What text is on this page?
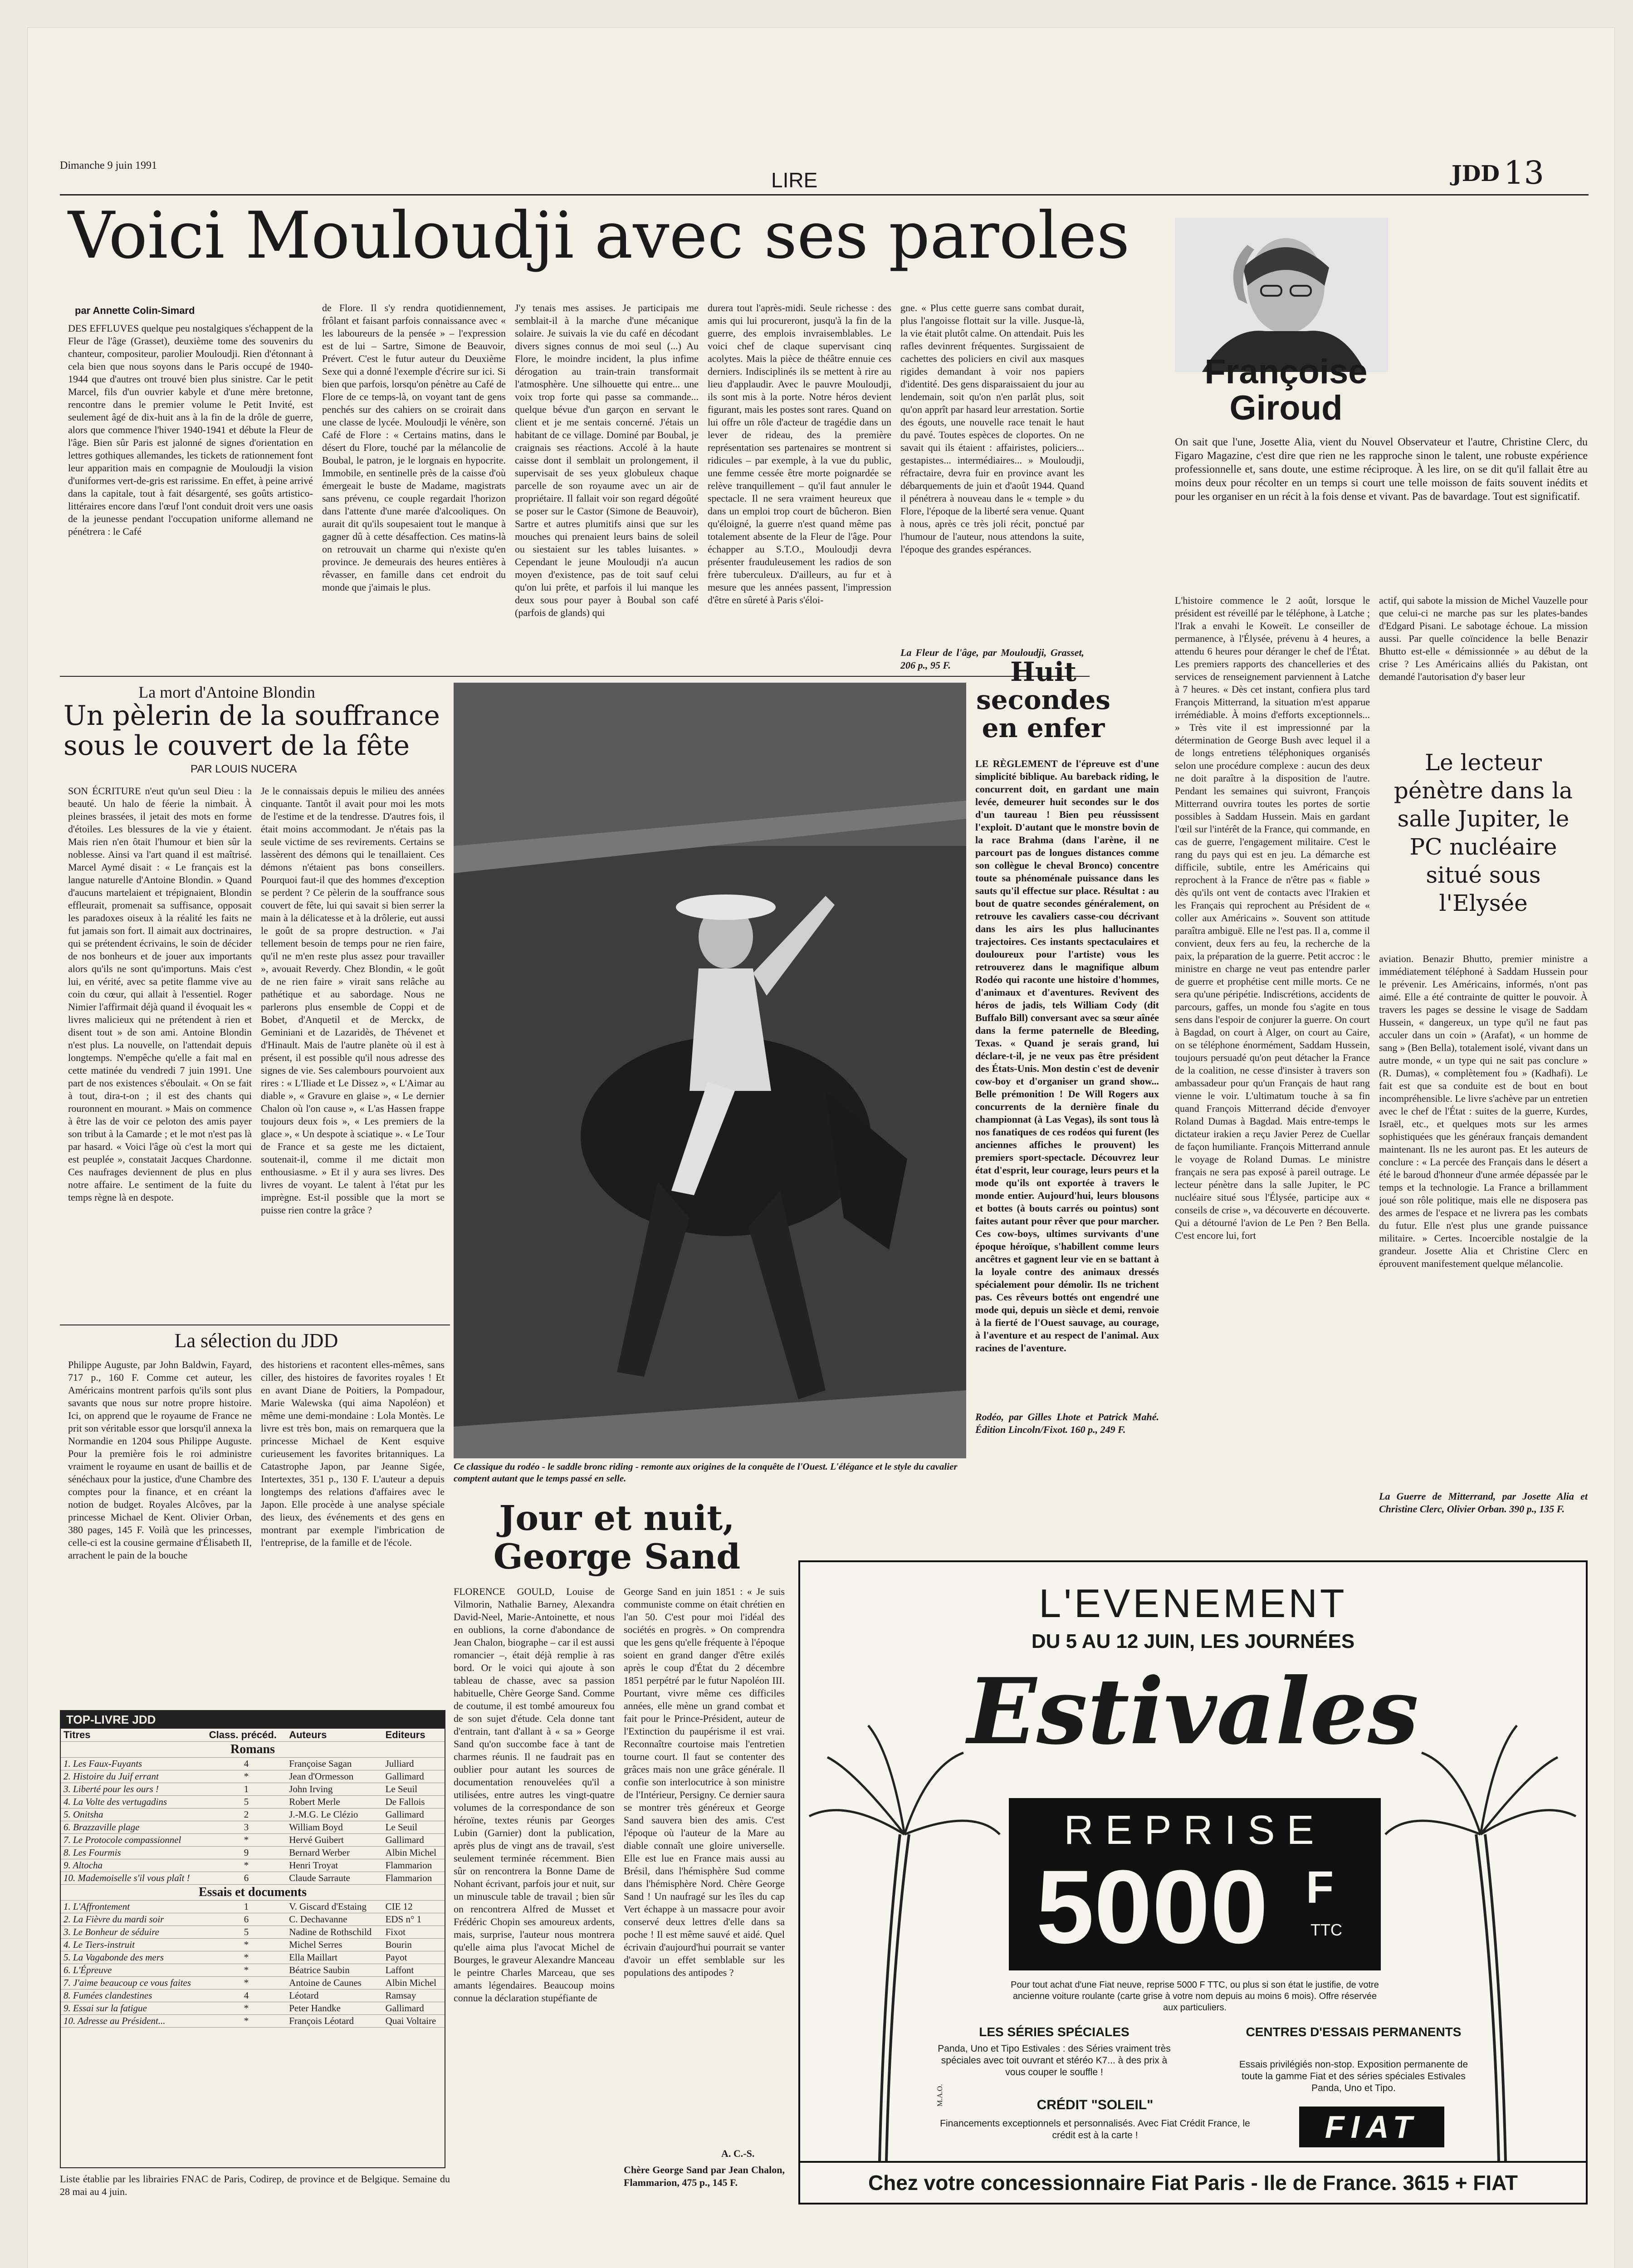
Dimanche 9 juin 1991
LIRE	JDD 13
Voici Mouloudji avec ses paroles
par Annette Colin-Simard
DES EFFLUVES quelque peu nostalgiques s'échappent de la Fleur de l'âge (Grasset), deuxième tome des souvenirs du chanteur, compositeur, parolier Mouloudji. Rien d'étonnant à cela bien que nous soyons dans le Paris occupé de 1940-1944 que d'autres ont trouvé bien plus sinistre. Car le petit Marcel, fils d'un ouvrier kabyle et d'une mère bretonne, rencontre dans le premier volume le Petit Invité, est seulement âgé de dix-huit ans à la fin de la drôle de guerre, alors que commence l'hiver 1940-1941 et débute la Fleur de l'âge. Bien sûr Paris est jalonné de signes d'orientation en lettres gothiques allemandes, les tickets de rationnement font leur apparition mais en compagnie de Mouloudji la vision d'uniformes vert-de-gris est rarissime. En effet, à peine arrivé dans la capitale, tout à fait désargenté, ses goûts artistico-littéraires encore dans l'œuf l'ont conduit droit vers une oasis de la jeunesse pendant l'occupation uniforme allemand ne pénétrera : le Café
de Flore. Il s'y rendra quotidiennement, frôlant et faisant parfois connaissance avec « les laboureurs de la pensée » – l'expression est de lui – Sartre, Simone de Beauvoir, Prévert. C'est le futur auteur du Deuxième Sexe qui a donné l'exemple d'écrire sur ici. Si bien que parfois, lorsqu'on pénètre au Café de Flore de ce temps-là, on voyant tant de gens penchés sur des cahiers on se croirait dans une classe de lycée. Mouloudji le vénère, son Café de Flore : « Certains matins, dans le désert du Flore, touché par la mélancolie de Boubal, le patron, je le lorgnais en hypocrite. Immobile, en sentinelle près de la caisse d'où émergeait le buste de Madame, magistrats sans prévenu, ce couple regardait l'horizon dans l'attente d'une marée d'alcooliques. On aurait dit qu'ils soupesaient tout le manque à gagner dû à cette désaffection. Ces matins-là on retrouvait un charme qui n'existe qu'en province. Je demeurais des heures entières à rêvasser, en famille dans cet endroit du monde que j'aimais le plus.
J'y tenais mes assises. Je participais me semblait-il à la marche d'une mécanique solaire. Je suivais la vie du café en décodant divers signes connus de moi seul (...) Au Flore, le moindre incident, la plus infime dérogation au train-train transformait l'atmosphère. Une silhouette qui entre... une voix trop forte qui passe sa commande... quelque bévue d'un garçon en servant le client et je me sentais concerné. J'étais un habitant de ce village. Dominé par Boubal, je craignais ses réactions. Accolé à la haute caisse dont il semblait un prolongement, il supervisait de ses yeux globuleux chaque parcelle de son royaume avec un air de propriétaire. Il fallait voir son regard dégoûté se poser sur le Castor (Simone de Beauvoir), Sartre et autres plumitifs ainsi que sur les mouches qui prenaient leurs bains de soleil ou siestaient sur les tables luisantes. » Cependant le jeune Mouloudji n'a aucun moyen d'existence, pas de toit sauf celui qu'on lui prête, et parfois il lui manque les deux sous pour payer à Boubal son café (parfois de glands) qui
durera tout l'après-midi. Seule richesse : des amis qui lui procureront, jusqu'à la fin de la guerre, des emplois invraisemblables. Le voici chef de claque supervisant cinq acolytes. Mais la pièce de théâtre ennuie ces derniers. Indisciplinés ils se mettent à rire au lieu d'applaudir. Avec le pauvre Mouloudji, ils sont mis à la porte. Notre héros devient figurant, mais les postes sont rares. Quand on lui offre un rôle d'acteur de tragédie dans un lever de rideau, des la première représentation ses partenaires se montrent si ridicules – par exemple, à la vue du public, une femme cessée être morte poignardée se relève tranquillement – qu'il faut annuler le spectacle. Il ne sera vraiment heureux que dans un emploi trop court de bûcheron. Bien qu'éloigné, la guerre n'est quand même pas totalement absente de la Fleur de l'âge. Pour échapper au S.T.O., Mouloudji devra présenter frauduleusement les radios de son frère tuberculeux. D'ailleurs, au fur et à mesure que les années passent, l'impression d'être en sûreté à Paris s'éloi-
gne. « Plus cette guerre sans combat durait, plus l'angoisse flottait sur la ville. Jusque-là, la vie était plutôt calme. On attendait. Puis les rafles devinrent fréquentes. Surgissaient de cachettes des policiers en civil aux masques rigides demandant à voir nos papiers d'identité. Des gens disparaissaient du jour au lendemain, soit qu'on n'en parlât plus, soit qu'on apprît par hasard leur arrestation. Sortie des égouts, une nouvelle race tenait le haut du pavé. Toutes espèces de cloportes. On ne savait qui ils étaient : affairistes, policiers... gestapistes... intermédiaires... » Mouloudji, réfractaire, devra fuir en province avant les débarquements de juin et d'août 1944. Quand il pénétrera à nouveau dans le « temple » du Flore, l'époque de la liberté sera venue. Quant à nous, après ce très joli récit, ponctué par l'humour de l'auteur, nous attendons la suite, l'époque des grandes espérances.
La Fleur de l'âge, par Mouloudji, Grasset, 206 p., 95 F.
La mort d'Antoine Blondin
Un pèlerin de la souffrance
sous le couvert de la fête
PAR LOUIS NUCERA
SON ÉCRITURE n'eut qu'un seul Dieu : la beauté. Un halo de féerie la nimbait. À pleines brassées, il jetait des mots en forme d'étoiles. Les blessures de la vie y étaient. Mais rien n'en ôtait l'humour et bien sûr la noblesse. Ainsi va l'art quand il est maîtrisé. Marcel Aymé disait : « Le français est la langue naturelle d'Antoine Blondin. » Quand d'aucuns martelaient et trépignaient, Blondin effleurait, promenait sa suffisance, opposait les paradoxes oiseux à la réalité les faits ne fut jamais son fort. Il aimait aux doctrinaires, qui se prétendent écrivains, le soin de décider de nos bonheurs et de jouer aux importants alors qu'ils ne sont qu'importuns. Mais c'est lui, en vérité, avec sa petite flamme vive au coin du cœur, qui allait à l'essentiel. Roger Nimier l'affirmait déjà quand il évoquait les « livres malicieux qui ne prétendent à rien et disent tout » de son ami. Antoine Blondin n'est plus. La nouvelle, on l'attendait depuis longtemps. N'empêche qu'elle a fait mal en cette matinée du vendredi 7 juin 1991. Une part de nos existences s'éboulait. « On se fait à tout, dira-t-on ; il est des chants qui rouronnent en mourant. » Mais on commence à être las de voir ce peloton des amis payer son tribut à la Camarde ; et le mot n'est pas là par hasard. « Voici l'âge où c'est la mort qui est peuplée », constatait Jacques Chardonne. Ces naufrages deviennent de plus en plus notre affaire. Le sentiment de la fuite du temps règne là en despote.
Je le connaissais depuis le milieu des années cinquante. Tantôt il avait pour moi les mots de l'estime et de la tendresse. D'autres fois, il était moins accommodant. Je n'étais pas la seule victime de ses revirements. Certains se lassèrent des démons qui le tenaillaient. Ces démons n'étaient pas bons conseillers. Pourquoi faut-il que des hommes d'exception se perdent ? Ce pèlerin de la souffrance sous couvert de fête, lui qui savait si bien serrer la main à la délicatesse et à la drôlerie, eut aussi le goût de sa propre destruction. « J'ai tellement besoin de temps pour ne rien faire, qu'il ne m'en reste plus assez pour travailler », avouait Reverdy. Chez Blondin, « le goût de ne rien faire » virait sans relâche au pathétique et au sabordage. Nous ne parlerons plus ensemble de Coppi et de Bobet, d'Anquetil et de Merckx, de Geminiani et de Lazaridès, de Thévenet et d'Hinault. Mais de l'autre planète où il est à présent, il est possible qu'il nous adresse des signes de vie. Ses calembours pourvoient aux rires : « L'Iliade et Le Dissez », « L'Aimar au diable », « Gravure en glaise », « Le dernier Chalon où l'on cause », « L'as Hassen frappe toujours deux fois », « Les premiers de la glace », « Un despote à sciatique ». « Le Tour de France et sa geste me les dictaient, soutenait-il, comme il me dictait mon enthousiasme. » Et il y aura ses livres. Des livres de voyant. Le talent à l'état pur les imprègne. Est-il possible que la mort se puisse rien contre la grâce ?
La sélection du JDD
Philippe Auguste, par John Baldwin, Fayard, 717 p., 160 F. Comme cet auteur, les Américains montrent parfois qu'ils sont plus savants que nous sur notre propre histoire. Ici, on apprend que le royaume de France ne prit son véritable essor que lorsqu'il annexa la Normandie en 1204 sous Philippe Auguste. Pour la première fois le roi administre vraiment le royaume en usant de baillis et de sénéchaux pour la justice, d'une Chambre des comptes pour la finance, et en créant la notion de budget. Royales Alcôves, par la princesse Michael de Kent. Olivier Orban, 380 pages, 145 F. Voilà que les princesses, celle-ci est la cousine germaine d'Élisabeth II, arrachent le pain de la bouche
des historiens et racontent elles-mêmes, sans ciller, des histoires de favorites royales ! Et en avant Diane de Poitiers, la Pompadour, Marie Walewska (qui aima Napoléon) et même une demi-mondaine : Lola Montès. Le livre est très bon, mais on remarquera que la princesse Michael de Kent esquive curieusement les favorites britanniques. La Catastrophe Japon, par Jeanne Sigée, Intertextes, 351 p., 130 F. L'auteur a depuis longtemps des relations d'affaires avec le Japon. Elle procède à une analyse spéciale des lieux, des événements et des gens en montrant par exemple l'imbrication de l'entreprise, de la famille et de l'école.
TOP-LIVRE JDD
Titres	Class. précéd.	Auteurs	Editeurs
Romans			
1. Les Faux-Fuyants	4	Françoise Sagan	Julliard
2. Histoire du Juif errant	*	Jean d'Ormesson	Gallimard
3. Liberté pour les ours !	1	John Irving	Le Seuil
4. La Volte des vertugadins	5	Robert Merle	De Fallois
5. Onitsha	2	J.-M.G. Le Clézio	Gallimard
6. Brazzaville plage	3	William Boyd	Le Seuil
7. Le Protocole compassionnel	*	Hervé Guibert	Gallimard
8. Les Fourmis	9	Bernard Werber	Albin Michel
9. Altocha	*	Henri Troyat	Flammarion
10. Mademoiselle s'il vous plaît !	6	Claude Sarraute	Flammarion
Essais et documents			
1. L'Affrontement	1	V. Giscard d'Estaing	CIE 12
2. La Fièvre du mardi soir	6	C. Dechavanne	EDS n° 1
3. Le Bonheur de séduire	5	Nadine de Rothschild	Fixot
4. Le Tiers-instruit	*	Michel Serres	Bourin
5. La Vagabonde des mers	*	Ella Maillart	Payot
6. L'Épreuve	*	Béatrice Saubin	Laffont
7. J'aime beaucoup ce vous faites	*	Antoine de Caunes	Albin Michel
8. Fumées clandestines	4	Léotard	Ramsay
9. Essai sur la fatigue	*	Peter Handke	Gallimard
10. Adresse au Président...	*	François Léotard	Quai Voltaire
Liste établie par les librairies FNAC de Paris, Codirep, de province et de Belgique. Semaine du 28 mai au 4 juin.
Ce classique du rodéo - le saddle bronc riding - remonte aux origines de la conquête de l'Ouest. L'élégance et le style du cavalier comptent autant que le temps passé en selle.
Huit
secondes
en enfer
LE RÈGLEMENT de l'épreuve est d'une simplicité biblique. Au bareback riding, le concurrent doit, en gardant une main levée, demeurer huit secondes sur le dos d'un taureau ! Bien peu réussissent l'exploit. D'autant que le monstre bovin de la race Brahma (dans l'arène, il ne parcourt pas de longues distances comme son collègue le cheval Bronco) concentre toute sa phénoménale puissance dans les sauts qu'il effectue sur place. Résultat : au bout de quatre secondes généralement, on retrouve les cavaliers casse-cou décrivant dans les airs les plus hallucinantes trajectoires. Ces instants spectaculaires et douloureux pour l'artiste) vous les retrouverez dans le magnifique album Rodéo qui raconte une histoire d'hommes, d'animaux et d'aventures. Revivent des héros de jadis, tels William Cody (dit Buffalo Bill) conversant avec sa sœur aînée dans la ferme paternelle de Bleeding, Texas. « Quand je serais grand, lui déclare-t-il, je ne veux pas être président des États-Unis. Mon destin c'est de devenir cow-boy et d'organiser un grand show... Belle prémonition ! De Will Rogers aux concurrents de la dernière finale du championnat (à Las Vegas), ils sont tous là nos fanatiques de ces rodéos qui furent (les anciennes affiches le prouvent) les premiers sport-spectacle. Découvrez leur état d'esprit, leur courage, leurs peurs et la mode qu'ils ont exportée à travers le monde entier. Aujourd'hui, leurs blousons et bottes (à bouts carrés ou pointus) sont faites autant pour rêver que pour marcher. Ces cow-boys, ultimes survivants d'une époque héroïque, s'habillent comme leurs ancêtres et gagnent leur vie en se battant à la loyale contre des animaux dressés spécialement pour démolir. Ils ne trichent pas. Ces rêveurs bottés ont engendré une mode qui, depuis un siècle et demi, renvoie à la fierté de l'Ouest sauvage, au courage, à l'aventure et au respect de l'animal. Aux racines de l'aventure.
Rodéo, par Gilles Lhote et Patrick Mahé. Édition Lincoln/Fixot. 160 p., 249 F.
Jour et nuit,
George Sand
FLORENCE GOULD, Louise de Vilmorin, Nathalie Barney, Alexandra David-Neel, Marie-Antoinette, et nous en oublions, la corne d'abondance de Jean Chalon, biographe – car il est aussi romancier –, était déjà remplie à ras bord. Or le voici qui ajoute à son tableau de chasse, avec sa passion habituelle, Chère George Sand. Comme de coutume, il est tombé amoureux fou de son sujet d'étude. Cela donne tant d'entrain, tant d'allant à « sa » George Sand qu'on succombe face à tant de charmes réunis. Il ne faudrait pas en oublier pour autant les sources de documentation renouvelées qu'il a utilisées, entre autres les vingt-quatre volumes de la correspondance de son héroïne, textes réunis par Georges Lubin (Garnier) dont la publication, après plus de vingt ans de travail, s'est seulement terminée récemment. Bien sûr on rencontrera la Bonne Dame de Nohant écrivant, parfois jour et nuit, sur un minuscule table de travail ; bien sûr on rencontrera Alfred de Musset et Frédéric Chopin ses amoureux ardents, mais, surprise, l'auteur nous montrera qu'elle aima plus l'avocat Michel de Bourges, le graveur Alexandre Manceau le peintre Charles Marceau, que ses amants légendaires. Beaucoup moins connue la déclaration stupéfiante de
George Sand en juin 1851 : « Je suis communiste comme on était chrétien en l'an 50. C'est pour moi l'idéal des sociétés en progrès. » On comprendra que les gens qu'elle fréquente à l'époque soient en grand danger d'être exilés après le coup d'État du 2 décembre 1851 perpétré par le futur Napoléon III. Pourtant, vivre même ces difficiles années, elle mène un grand combat et fait pour le Prince-Président, auteur de l'Extinction du paupérisme il est vrai. Reconnaître courtoise mais l'entretien tourne court. Il faut se contenter des grâces mais non une grâce générale. Il confie son interlocutrice à son ministre de l'Intérieur, Persigny. Ce dernier saura se montrer très généreux et George Sand sauvera bien des amis. C'est l'époque où l'auteur de la Mare au diable connaît une gloire universelle. Elle est lue en France mais aussi au Brésil, dans l'hémisphère Sud comme dans l'hémisphère Nord. Chère George Sand ! Un naufragé sur les îles du cap Vert échappe à un massacre pour avoir conservé deux lettres d'elle dans sa poche ! Il est même sauvé et aidé. Quel écrivain d'aujourd'hui pourrait se vanter d'avoir un effet semblable sur les populations des antipodes ?
A. C.-S.
Chère George Sand par Jean Chalon, Flammarion, 475 p., 145 F.
Françoise
Giroud
On sait que l'une, Josette Alia, vient du Nouvel Observateur et l'autre, Christine Clerc, du Figaro Magazine, c'est dire que rien ne les rapproche sinon le talent, une robuste expérience professionnelle et, sans doute, une estime réciproque. À les lire, on se dit qu'il fallait être au moins deux pour récolter en un temps si court une telle moisson de faits souvent inédits et pour les organiser en un récit à la fois dense et vivant. Pas de bavardage. Tout est significatif.
L'histoire commence le 2 août, lorsque le président est réveillé par le téléphone, à Latche ; l'Irak a envahi le Koweït. Le conseiller de permanence, à l'Élysée, prévenu à 4 heures, a attendu 6 heures pour déranger le chef de l'État. Les premiers rapports des chancelleries et des services de renseignement parviennent à Latche à 7 heures. « Dès cet instant, confiera plus tard François Mitterrand, la situation m'est apparue irrémédiable. À moins d'efforts exceptionnels... » Très vite il est impressionné par la détermination de George Bush avec lequel il a de longs entretiens téléphoniques organisés selon une procédure complexe : aucun des deux ne doit paraître à la disposition de l'autre. Pendant les semaines qui suivront, François Mitterrand ouvrira toutes les portes de sortie possibles à Saddam Hussein. Mais en gardant l'œil sur l'intérêt de la France, qui commande, en cas de guerre, l'engagement militaire. C'est le rang du pays qui est en jeu. La démarche est difficile, subtile, entre les Américains qui reprochent à la France de n'être pas « fiable » dès qu'ils ont vent de contacts avec l'Irakien et les Français qui reprochent au Président de « coller aux Américains ». Souvent son attitude paraîtra ambiguë. Elle ne l'est pas. Il a, comme il convient, deux fers au feu, la recherche de la paix, la préparation de la guerre. Petit accroc : le ministre en charge ne veut pas entendre parler de guerre et prophétise cent mille morts. Ce ne sera qu'une péripétie. Indiscrétions, accidents de parcours, gaffes, un monde fou s'agite en tous sens dans l'espoir de conjurer la guerre. On court à Bagdad, on court à Alger, on court au Caire, on se téléphone énormément, Saddam Hussein, toujours persuadé qu'on peut détacher la France de la coalition, ne cesse d'insister à travers son ambassadeur pour qu'un Français de haut rang vienne le voir. L'ultimatum touche à sa fin quand François Mitterrand décide d'envoyer Roland Dumas à Bagdad. Mais entre-temps le dictateur irakien a reçu Javier Perez de Cuellar de façon humiliante. François Mitterrand annule le voyage de Roland Dumas. Le ministre français ne sera pas exposé à pareil outrage. Le lecteur pénètre dans la salle Jupiter, le PC nucléaire situé sous l'Élysée, participe aux « conseils de crise », va découverte en découverte. Qui a détourné l'avion de Le Pen ? Ben Bella. C'est encore lui, fort
actif, qui sabote la mission de Michel Vauzelle pour que celui-ci ne marche pas sur les plates-bandes d'Edgard Pisani. Le sabotage échoue. La mission aussi. Par quelle coïncidence la belle Benazir Bhutto est-elle « démissionnée » au début de la crise ? Les Américains alliés du Pakistan, ont demandé l'autorisation d'y baser leur
Le lecteur pénètre dans la salle Jupiter, le PC nucléaire situé sous l'Elysée
aviation. Benazir Bhutto, premier ministre a immédiatement téléphoné à Saddam Hussein pour le prévenir. Les Américains, informés, n'ont pas aimé. Elle a été contrainte de quitter le pouvoir. À travers les pages se dessine le visage de Saddam Hussein, « dangereux, un type qu'il ne faut pas acculer dans un coin » (Arafat), « un homme de sang » (Ben Bella), totalement isolé, vivant dans un autre monde, « un type qui ne sait pas conclure » (R. Dumas), « complètement fou » (Kadhafi). Le fait est que sa conduite est de bout en bout incompréhensible. Le livre s'achève par un entretien avec le chef de l'État : suites de la guerre, Kurdes, Israël, etc., et quelques mots sur les armes sophistiquées que les généraux français demandent maintenant. Ils ne les auront pas. Et les auteurs de conclure : « La percée des Français dans le désert a été le baroud d'honneur d'une armée dépassée par le temps et la technologie. La France a brillamment joué son rôle politique, mais elle ne disposera pas des armes de l'espace et ne livrera pas les combats du futur. Elle n'est plus une grande puissance militaire. » Certes. Incoercible nostalgie de la grandeur. Josette Alia et Christine Clerc en éprouvent manifestement quelque mélancolie.
La Guerre de Mitterrand, par Josette Alia et Christine Clerc, Olivier Orban. 390 p., 135 F.
L'EVENEMENT
DU 5 AU 12 JUIN, LES JOURNÉES
Estivales
REPRISE
5000 F
TTC
Pour tout achat d'une Fiat neuve, reprise 5000 F TTC, ou plus si son état le justifie, de votre ancienne voiture roulante (carte grise à votre nom depuis au moins 6 mois). Offre réservée aux particuliers.
LES SÉRIES SPÉCIALES
Panda, Uno et Tipo Estivales : des Séries vraiment très spéciales avec toit ouvrant et stéréo K7... à des prix à vous couper le souffle !
CENTRES D'ESSAIS PERMANENTS
Essais privilégiés non-stop. Exposition permanente de toute la gamme Fiat et des séries spéciales Estivales Panda, Uno et Tipo.
CRÉDIT "SOLEIL"
Financements exceptionnels et personnalisés. Avec Fiat Crédit France, le crédit est à la carte !	FIAT
M.A.O.
Chez votre concessionnaire Fiat Paris - Ile de France. 3615 + FIAT
